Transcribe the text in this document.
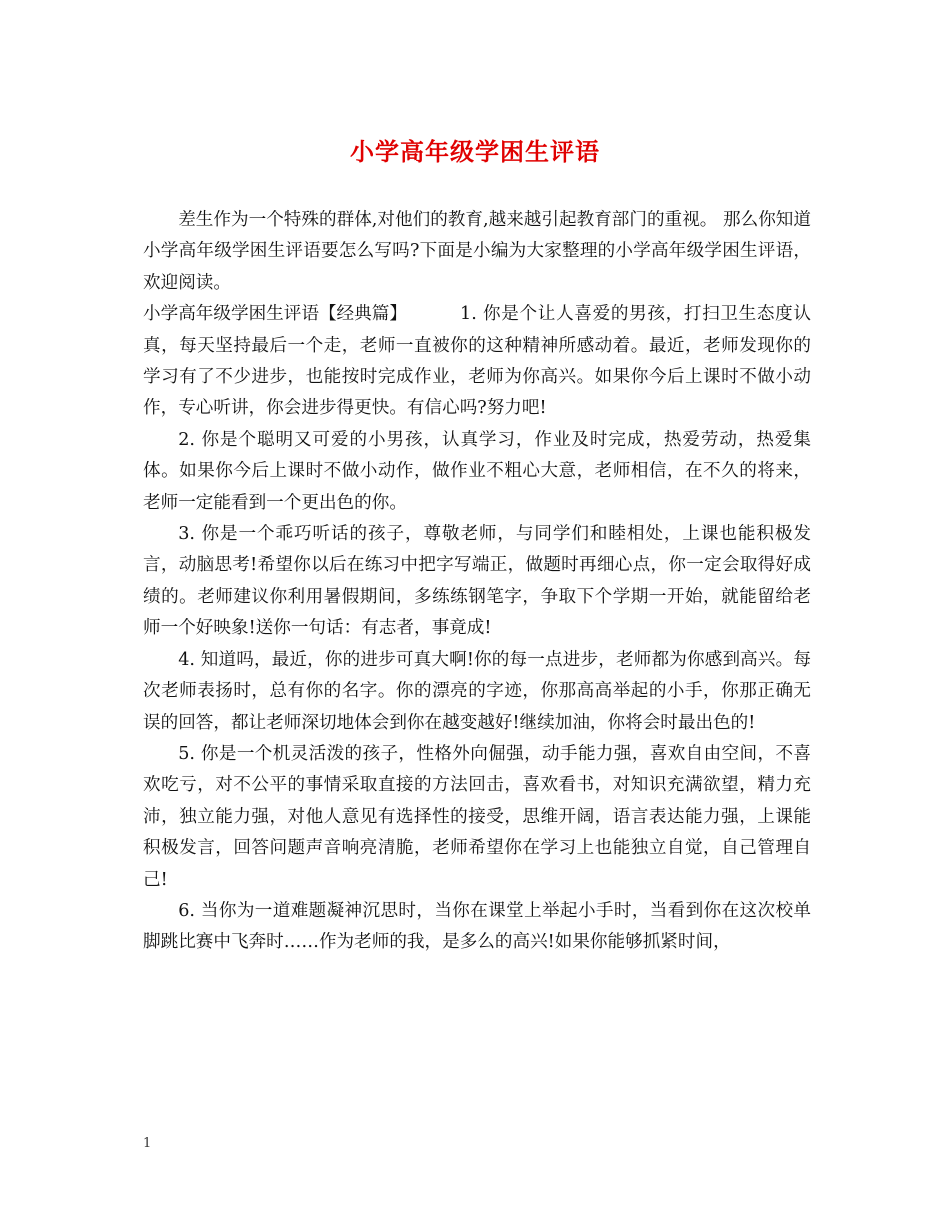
小学高年级学困生评语

差生作为一个特殊的群体,对他们的教育,越来越引起教育部门的重视。 那么你知道小学高年级学困生评语要怎么写吗?下面是小编为大家整理的小学高年级学困生评语，欢迎阅读。

小学高年级学困生评语【经典篇】	1. 你是个让人喜爱的男孩，打扫卫生态度认真，每天坚持最后一个走，老师一直被你的这种精神所感动着。最近，老师发现你的学习有了不少进步，也能按时完成作业，老师为你高兴。如果你今后上课时不做小动作，专心听讲，你会进步得更快。有信心吗?努力吧!

2. 你是个聪明又可爱的小男孩，认真学习，作业及时完成，热爱劳动，热爱集体。如果你今后上课时不做小动作，做作业不粗心大意，老师相信，在不久的将来，老师一定能看到一个更出色的你。

3. 你是一个乖巧听话的孩子，尊敬老师，与同学们和睦相处，上课也能积极发言，动脑思考!希望你以后在练习中把字写端正，做题时再细心点，你一定会取得好成绩的。老师建议你利用暑假期间，多练练钢笔字，争取下个学期一开始，就能留给老师一个好映象!送你一句话：有志者，事竟成!

4. 知道吗，最近，你的进步可真大啊!你的每一点进步，老师都为你感到高兴。每次老师表扬时，总有你的名字。你的漂亮的字迹，你那高高举起的小手，你那正确无误的回答，都让老师深切地体会到你在越变越好!继续加油，你将会时最出色的!

5. 你是一个机灵活泼的孩子，性格外向倔强，动手能力强，喜欢自由空间，不喜欢吃亏，对不公平的事情采取直接的方法回击，喜欢看书，对知识充满欲望，精力充沛，独立能力强，对他人意见有选择性的接受，思维开阔，语言表达能力强，上课能积极发言，回答问题声音响亮清脆，老师希望你在学习上也能独立自觉，自己管理自己!

6. 当你为一道难题凝神沉思时，当你在课堂上举起小手时，当看到你在这次校单脚跳比赛中飞奔时……作为老师的我，是多么的高兴!如果你能够抓紧时间，

1
